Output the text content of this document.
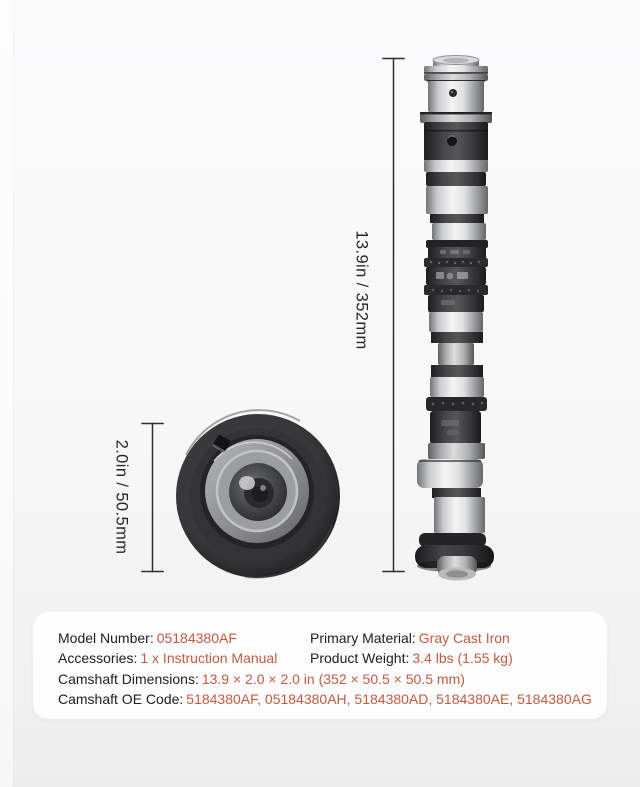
13.9in / 352mm
2.0in / 50.5mm
Model Number: 05184380AF	Primary Material: Gray Cast Iron
Accessories: 1 x Instruction Manual	Product Weight: 3.4 lbs (1.55 kg)
Camshaft Dimensions: 13.9 × 2.0 × 2.0 in (352 × 50.5 × 50.5 mm)
Camshaft OE Code: 5184380AF, 05184380AH, 5184380AD, 5184380AE, 5184380AG
